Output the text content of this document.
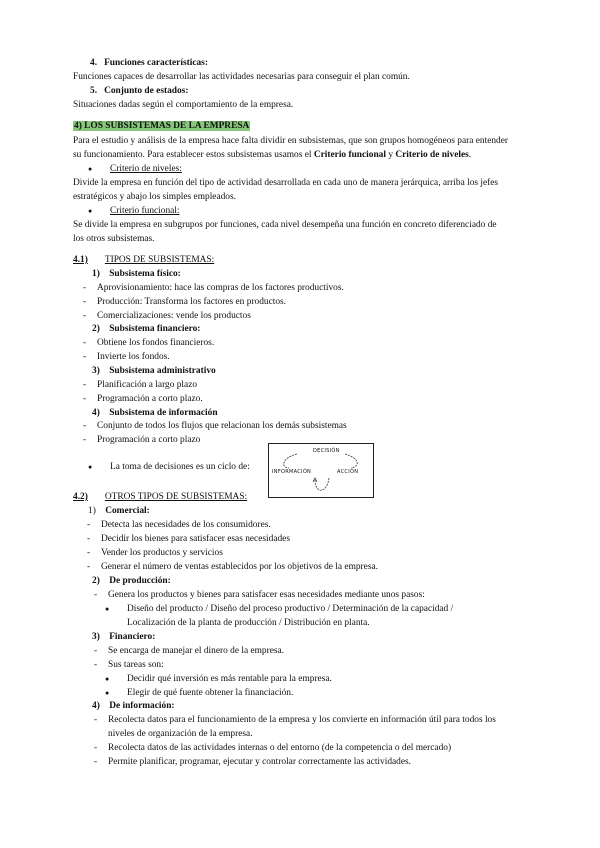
4. Funciones características:
Funciones capaces de desarrollar las actividades necesarias para conseguir el plan común.
5. Conjunto de estados:
Situaciones dadas según el comportamiento de la empresa.
4) LOS SUBSISTEMAS DE LA EMPRESA
Para el estudio y análisis de la empresa hace falta dividir en subsistemas, que son grupos homogéneos para entender
su funcionamiento. Para establecer estos subsistemas usamos el Criterio funcional y Criterio de niveles.
● Criterio de niveles:
Divide la empresa en función del tipo de actividad desarrollada en cada uno de manera jerárquica, arriba los jefes
estratégicos y abajo los simples empleados.
● Criterio funcional:
Se divide la empresa en subgrupos por funciones, cada nivel desempeña una función en concreto diferenciado de
los otros subsistemas.
4.1) TIPOS DE SUBSISTEMAS:
1) Subsistema físico:
- Aprovisionamiento: hace las compras de los factores productivos.
- Producción: Transforma los factores en productos.
- Comercializaciones: vende los productos
2) Subsistema financiero:
- Obtiene los fondos financieros.
- Invierte los fondos.
3) Subsistema administrativo
- Planificación a largo plazo
- Programación a corto plazo.
4) Subsistema de información
- Conjunto de todos los flujos que relacionan los demás subsistemas
- Programación a corto plazo
● La toma de decisiones es un ciclo de:
DECISIÓN
INFORMACIÓN	ACCIÓN
4.2) OTROS TIPOS DE SUBSISTEMAS:
1) Comercial:
- Detecta las necesidades de los consumidores.
- Decidir los bienes para satisfacer esas necesidades
- Vender los productos y servicios
- Generar el número de ventas establecidos por los objetivos de la empresa.
2) De producción:
- Genera los productos y bienes para satisfacer esas necesidades mediante unos pasos:
● Diseño del producto / Diseño del proceso productivo / Determinación de la capacidad /
Localización de la planta de producción / Distribución en planta.
3) Financiero:
- Se encarga de manejar el dinero de la empresa.
- Sus tareas son:
● Decidir qué inversión es más rentable para la empresa.
● Elegir de qué fuente obtener la financiación.
4) De información:
- Recolecta datos para el funcionamiento de la empresa y los convierte en información útil para todos los
niveles de organización de la empresa.
- Recolecta datos de las actividades internas o del entorno (de la competencia o del mercado)
- Permite planificar, programar, ejecutar y controlar correctamente las actividades.
